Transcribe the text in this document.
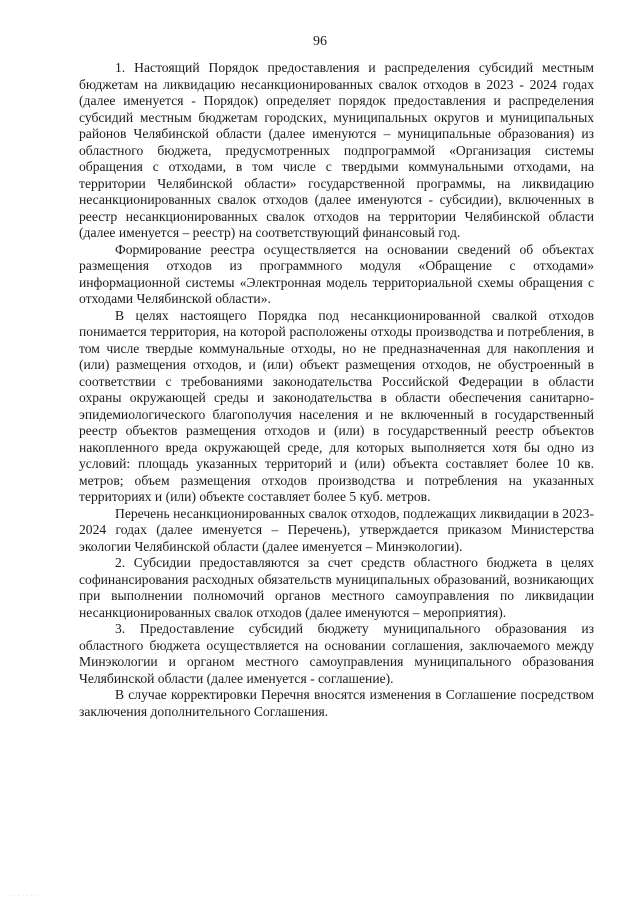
96

1. Настоящий Порядок предоставления и распределения субсидий местным бюджетам на ликвидацию несанкционированных свалок отходов в 2023 - 2024 годах (далее именуется - Порядок) определяет порядок предоставления и распределения субсидий местным бюджетам городских, муниципальных округов и муниципальных районов Челябинской области (далее именуются – муниципальные образования) из областного бюджета, предусмотренных подпрограммой «Организация системы обращения с отходами, в том числе с твердыми коммунальными отходами, на территории Челябинской области» государственной программы, на ликвидацию несанкционированных свалок отходов (далее именуются - субсидии), включенных в реестр несанкционированных свалок отходов на территории Челябинской области (далее именуется – реестр) на соответствующий финансовый год.

Формирование реестра осуществляется на основании сведений об объектах размещения отходов из программного модуля «Обращение с отходами» информационной системы «Электронная модель территориальной схемы обращения с отходами Челябинской области».

В целях настоящего Порядка под несанкционированной свалкой отходов понимается территория, на которой расположены отходы производства и потребления, в том числе твердые коммунальные отходы, но не предназначенная для накопления и (или) размещения отходов, и (или) объект размещения отходов, не обустроенный в соответствии с требованиями законодательства Российской Федерации в области охраны окружающей среды и законодательства в области обеспечения санитарно-эпидемиологического благополучия населения и не включенный в государственный реестр объектов размещения отходов и (или) в государственный реестр объектов накопленного вреда окружающей среде, для которых выполняется хотя бы одно из условий: площадь указанных территорий и (или) объекта составляет более 10 кв. метров; объем размещения отходов производства и потребления на указанных территориях и (или) объекте составляет более 5 куб. метров.

Перечень несанкционированных свалок отходов, подлежащих ликвидации в 2023- 2024 годах (далее именуется – Перечень), утверждается приказом Министерства экологии Челябинской области (далее именуется – Минэкологии).

2. Субсидии предоставляются за счет средств областного бюджета в целях софинансирования расходных обязательств муниципальных образований, возникающих при выполнении полномочий органов местного самоуправления по ликвидации несанкционированных свалок отходов (далее именуются – мероприятия).

3. Предоставление субсидий бюджету муниципального образования из областного бюджета осуществляется на основании соглашения, заключаемого между Минэкологии и органом местного самоуправления муниципального образования Челябинской области (далее именуется - соглашение).

В случае корректировки Перечня вносятся изменения в Соглашение посредством заключения дополнительного Соглашения.

· · · · · · · ·
